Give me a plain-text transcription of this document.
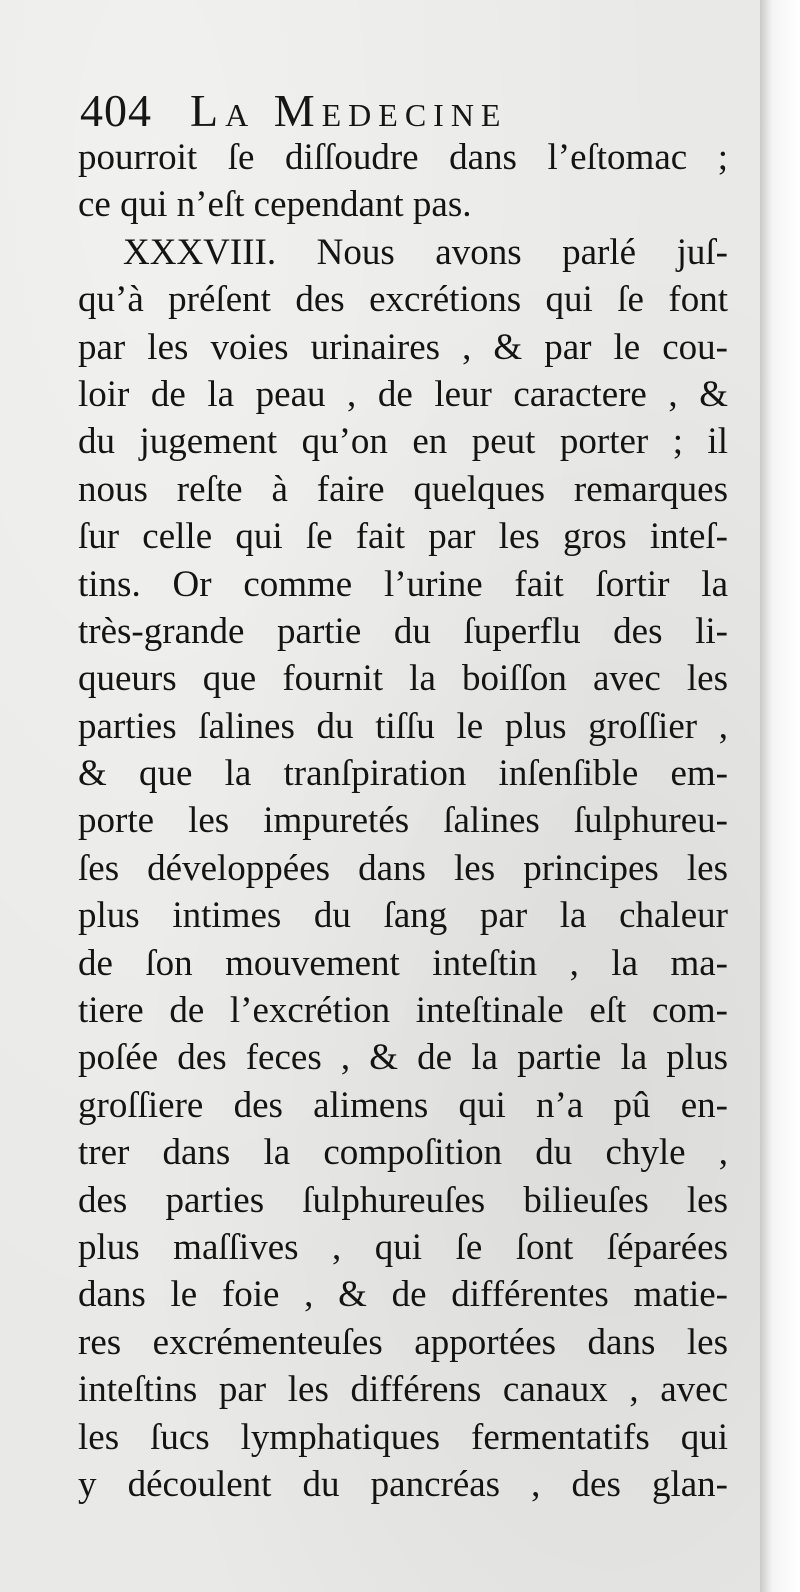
404 La Medecine
pourroit ſe diſſoudre dans l’eſtomac ;
ce qui n’eſt cependant pas.
XXXVIII. Nous avons parlé juſ-
qu’à préſent des excrétions qui ſe font
par les voies urinaires , & par le cou-
loir de la peau , de leur caractere , &
du jugement qu’on en peut porter ; il
nous reſte à faire quelques remarques
ſur celle qui ſe fait par les gros inteſ-
tins. Or comme l’urine fait ſortir la
très-grande partie du ſuperflu des li-
queurs que fournit la boiſſon avec les
parties ſalines du tiſſu le plus groſſier ,
& que la tranſpiration inſenſible em-
porte les impuretés ſalines ſulphureu-
ſes développées dans les principes les
plus intimes du ſang par la chaleur
de ſon mouvement inteſtin , la ma-
tiere de l’excrétion inteſtinale eſt com-
poſée des feces , & de la partie la plus
groſſiere des alimens qui n’a pû en-
trer dans la compoſition du chyle ,
des parties ſulphureuſes bilieuſes les
plus maſſives , qui ſe ſont ſéparées
dans le foie , & de différentes matie-
res excrémenteuſes apportées dans les
inteſtins par les différens canaux , avec
les ſucs lymphatiques fermentatifs qui
y découlent du pancréas , des glan-
